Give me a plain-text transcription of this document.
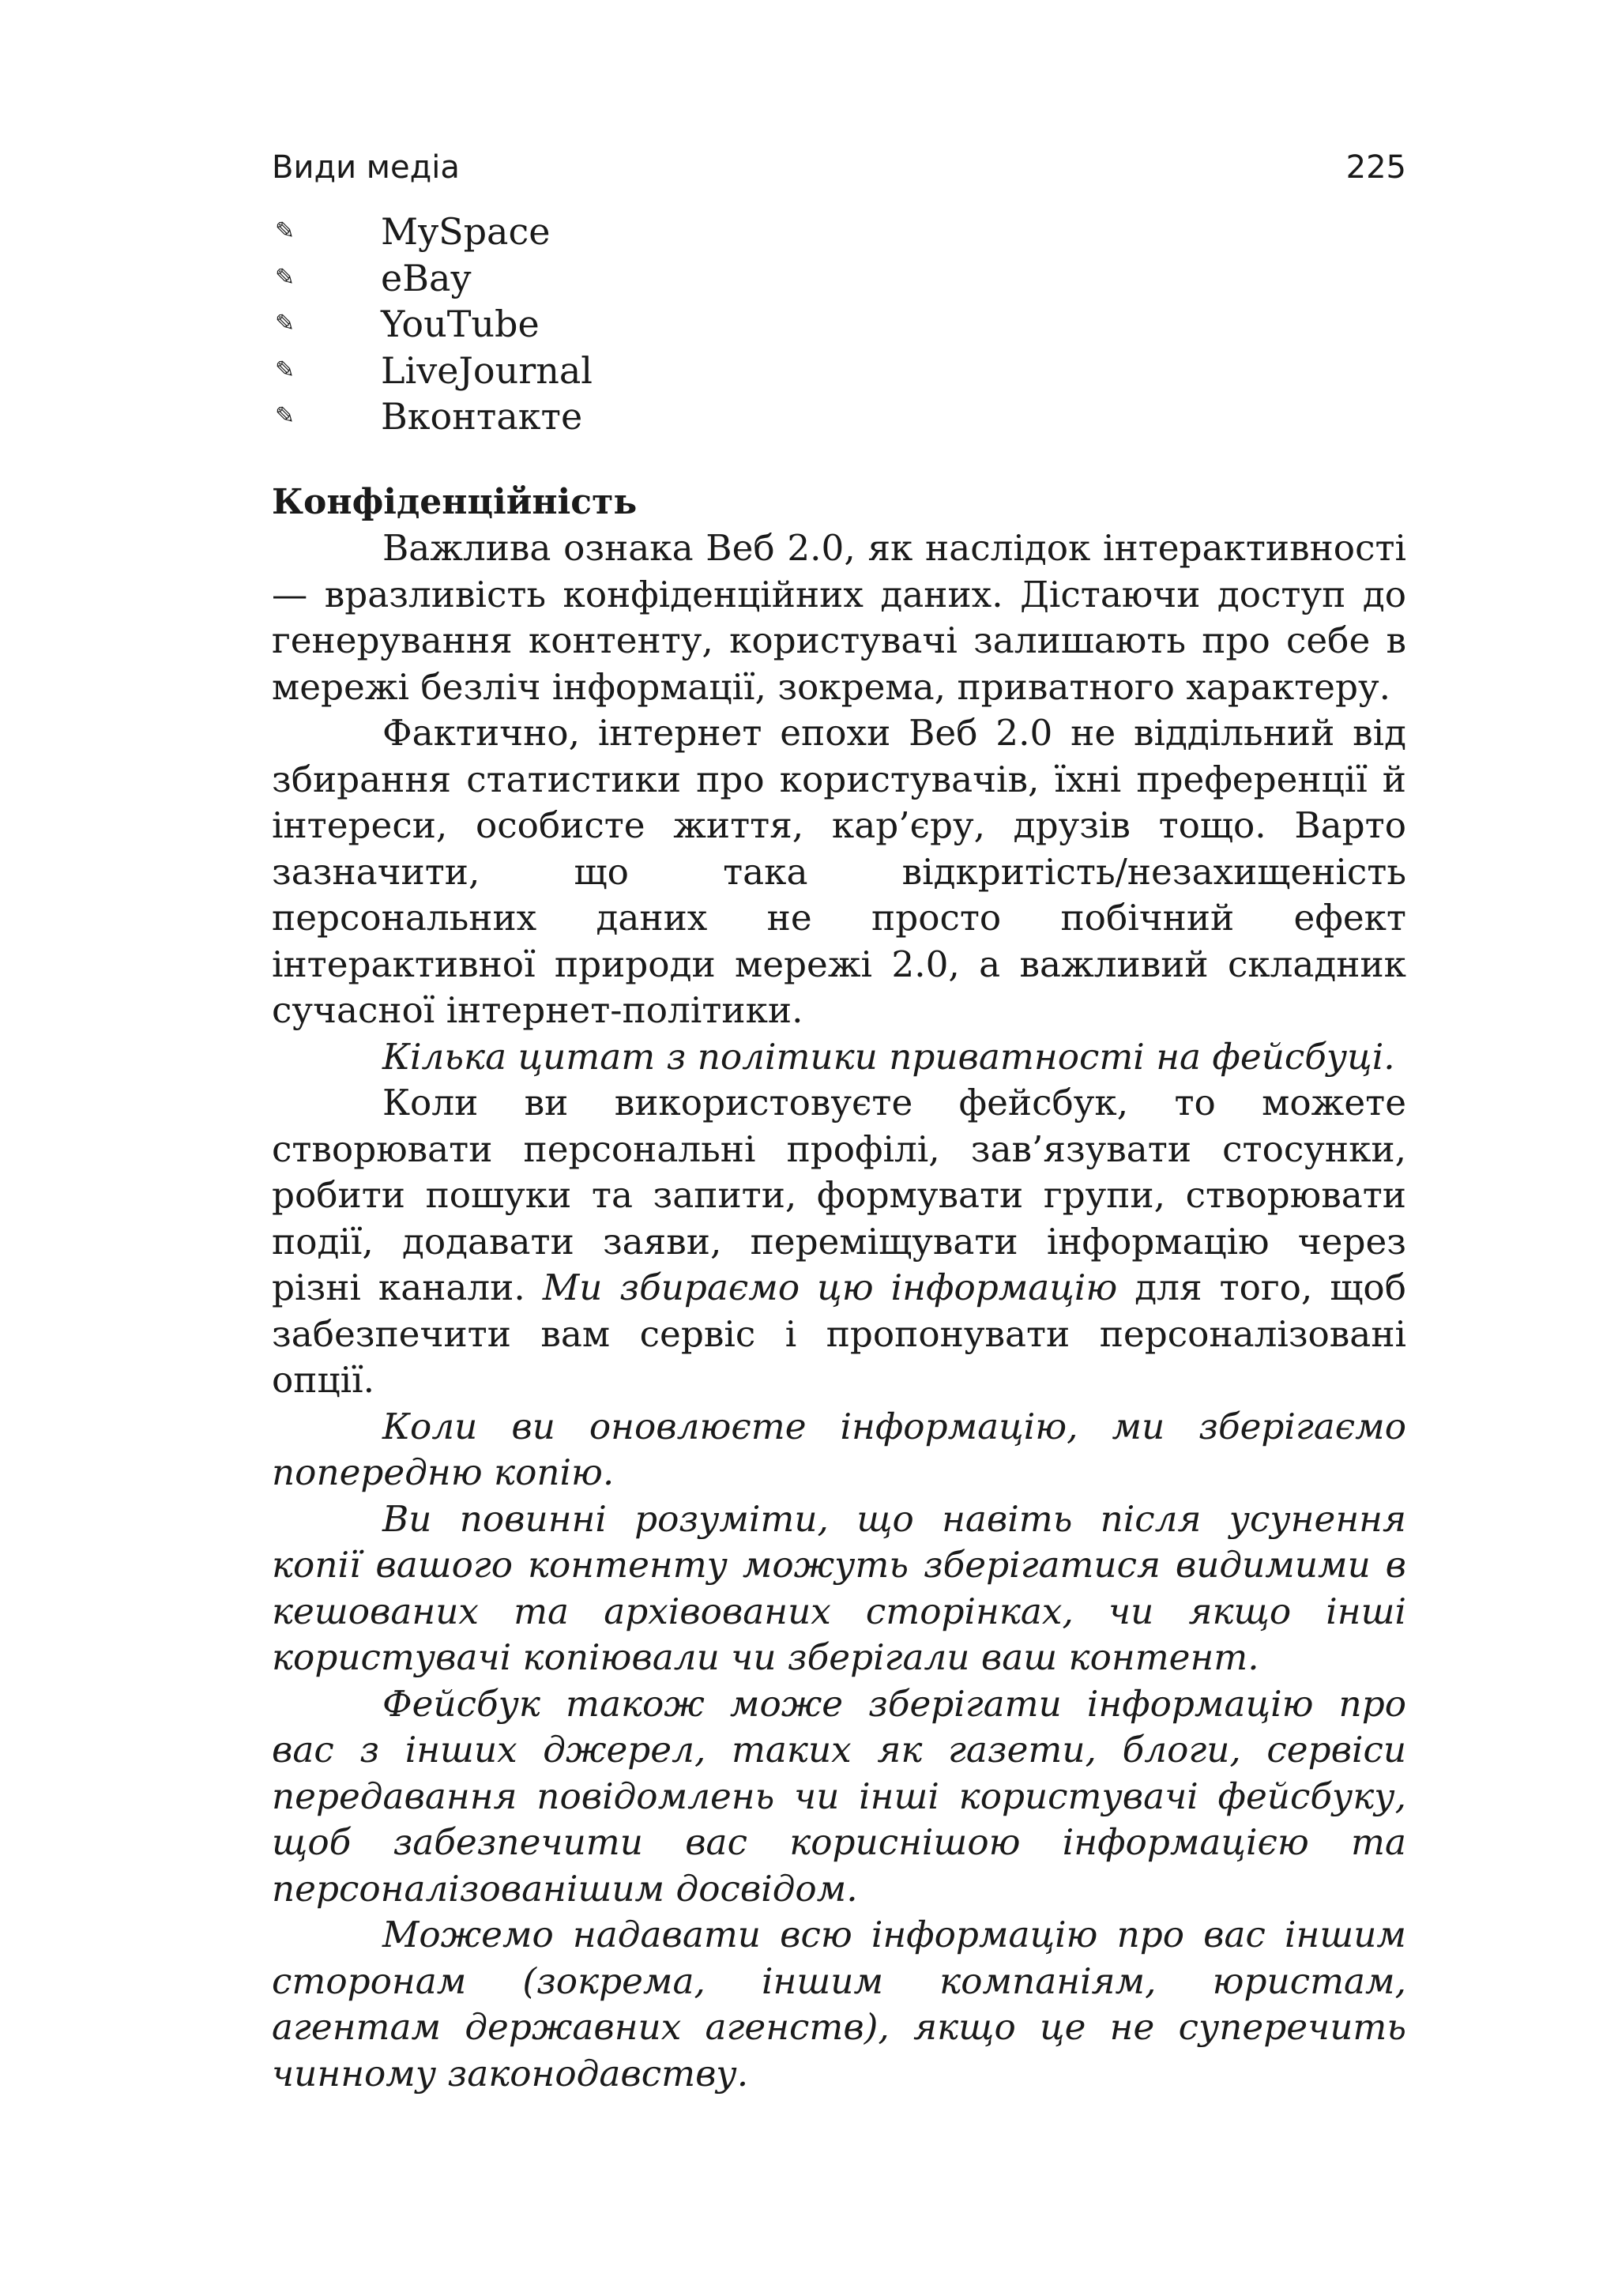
Види медіа	225
✎	MySpace
✎	eBay
✎	YouTube
✎	LiveJournal
✎	Вконтакте
Конфіденційність

Важлива ознака Веб 2.0, як наслідок інтерактивності — вразливість конфіденційних даних. Дістаючи доступ до генерування контенту, користувачі залишають про себе в мережі безліч інформації, зокрема, приватного характеру.

Фактично, інтернет епохи Веб 2.0 не віддільний від збирання статистики про користувачів, їхні преференції й інтереси, особисте життя, кар’єру, друзів тощо. Варто зазначити, що така відкритість/незахищеність персональних даних не просто побічний ефект інтерактивної природи мережі 2.0, а важливий складник сучасної інтернет-політики.

Кілька цитат з політики приватності на фейсбуці.

Коли ви використовуєте фейсбук, то можете створювати персональні профілі, зав’язувати стосунки, робити пошуки та запити, формувати групи, створювати події, додавати заяви, переміщувати інформацію через різні канали. Ми збираємо цю інформацію для того, щоб забезпечити вам сервіс і пропонувати персоналізовані опції.

Коли ви оновлюєте інформацію, ми зберігаємо попередню копію.

Ви повинні розуміти, що навіть після усунення копії вашого контенту можуть зберігатися видимими в кешованих та архівованих сторінках, чи якщо інші користувачі копіювали чи зберігали ваш контент.

Фейсбук також може зберігати інформацію про вас з інших джерел, таких як газети, блоги, сервіси передавання повідомлень чи інші користувачі фейсбуку, щоб забезпечити вас кориснішою інформацією та персоналізованішим досвідом.

Можемо надавати всю інформацію про вас іншим сторонам (зокрема, іншим компаніям, юристам, агентам державних агенств), якщо це не суперечить чинному законодавству.
